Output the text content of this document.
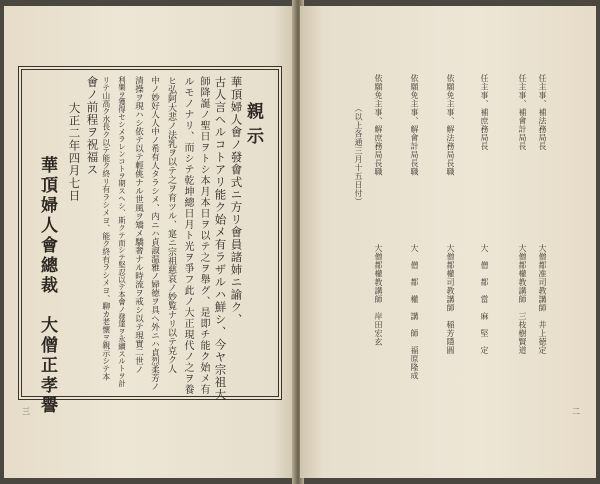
親示
華頂婦人會ノ發會式ニ方リ會員諸姉ニ諭ク、
古人言ヘルコトアリ能ク始メ有ラザルハ鮮シ、今ヤ宗祖大
師降誕ノ聖日ヲトシ本月本日ヲ以テ之ヲ舉グ、是即チ能ク始メ有
ルモノナリ、而シテ乾坤總日月ト光ヲ爭フ此ノ大正現代ノ之ヲ養
ヒ弘阿大悲ノ法乳ヲ以テ之ヲ育ツル、寔ニ宗祖慈哀ノ妙覧ナリ以テ克ク人
中ノ妙好人人中ノ希有人タラシメ、内ニハ貞淑温雅ノ婦徳ヲ具ヘ外ニハ貞烈柔芳ノ
清操ヲ現ハシ依テ以テ輕佻ナル世風ヲ矯メ驕奢ナル時流ヲ戒シ以テ現實二世ノ
利樂ヲ獲得セシメラレンコトヲ期スヘシ、斯クテ而シテ堅忍以テ本會ノ發達ヲ永續スルトヲ計
リテ山高ク水長ク以テ能ク終リ有ラシメヨ、能ク終有ラシメヨ、聊カ老懷ヲ親示シテ本
會ノ前程ヲ祝福ス
大正二年四月七日
華頂婦人會總裁　大僧正孝譽
三
任主事、補法務局長
任主事、補會計局長
任主事、補庶務局長
依願免主事、解法務局長職
依願免主事、解會計局長職
依願免主事、解庶務局長職
（以上各通三月十五日付）
大僧都准司教講師　井上徳定
大僧都權教講師　三枝樹賢道
大　僧　都　當　麻　堅　定
大僧都權司教講師　稲芳隱圓
大　僧　都　權　講　師　福原隆成
大僧都權教講師　岸田宏玄
二
